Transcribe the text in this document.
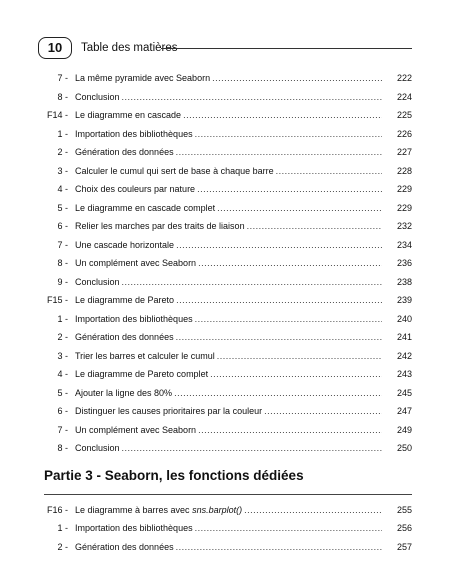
10	Table des matières
7 - La même pyramide avec Seaborn .....	222
8 - Conclusion .....	224
F14 - Le diagramme en cascade .....	225
1 - Importation des bibliothèques .....	226
2 - Génération des données .....	227
3 - Calculer le cumul qui sert de base à chaque barre .....	228
4 - Choix des couleurs par nature .....	229
5 - Le diagramme en cascade complet .....	229
6 - Relier les marches par des traits de liaison .....	232
7 - Une cascade horizontale .....	234
8 - Un complément avec Seaborn .....	236
9 - Conclusion .....	238
F15 - Le diagramme de Pareto .....	239
1 - Importation des bibliothèques .....	240
2 - Génération des données .....	241
3 - Trier les barres et calculer le cumul .....	242
4 - Le diagramme de Pareto complet .....	243
5 - Ajouter la ligne des 80% .....	245
6 - Distinguer les causes prioritaires par la couleur .....	247
7 - Un complément avec Seaborn .....	249
8 - Conclusion .....	250
Partie 3 - Seaborn, les fonctions dédiées
F16 - Le diagramme à barres avec sns.barplot() .....	255
1 - Importation des bibliothèques .....	256
2 - Génération des données .....	257
